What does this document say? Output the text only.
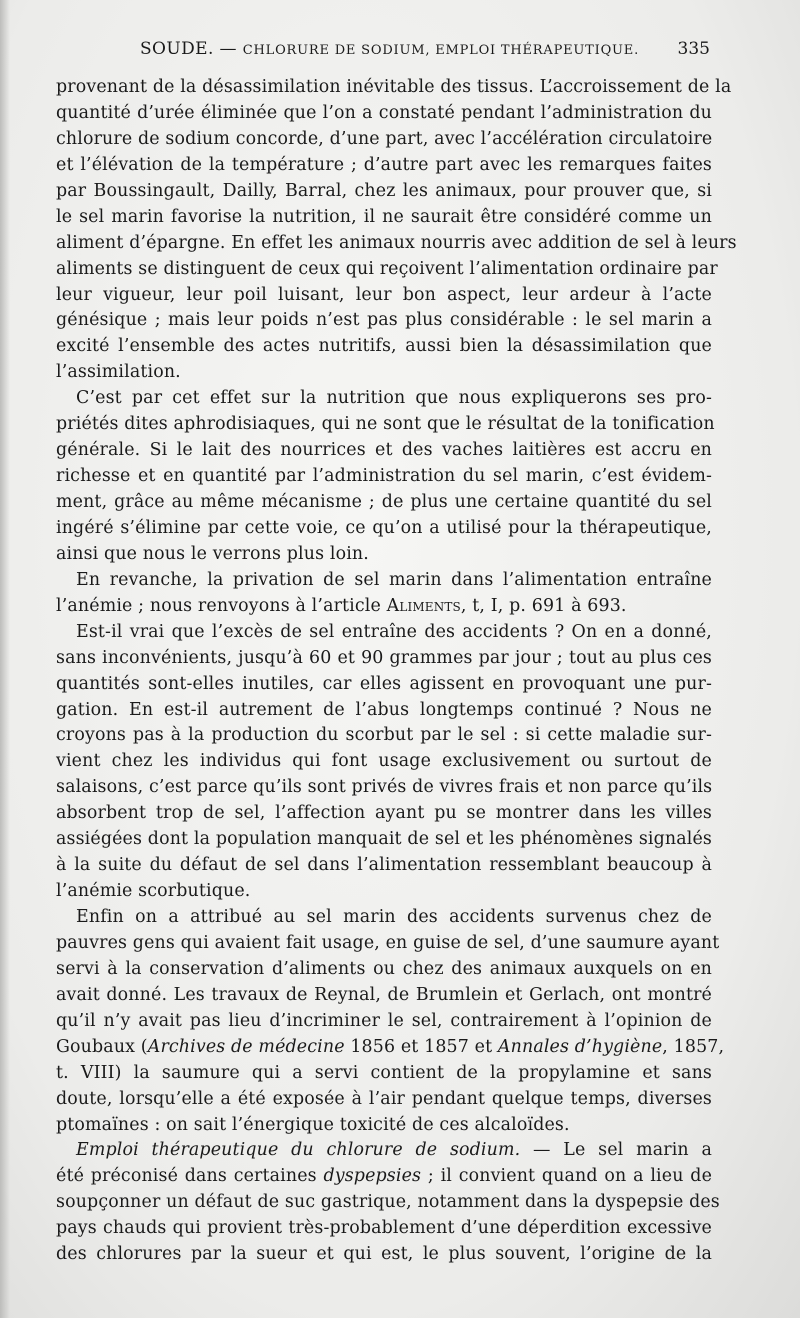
SOUDE. — CHLORURE DE SODIUM, EMPLOI THÉRAPEUTIQUE. 335
provenant de la désassimilation inévitable des tissus. L’accroissement de la
quantité d’urée éliminée que l’on a constaté pendant l’administration du
chlorure de sodium concorde, d’une part, avec l’accélération circulatoire
et l’élévation de la température ; d’autre part avec les remarques faites
par Boussingault, Dailly, Barral, chez les animaux, pour prouver que, si
le sel marin favorise la nutrition, il ne saurait être considéré comme un
aliment d’épargne. En effet les animaux nourris avec addition de sel à leurs
aliments se distinguent de ceux qui reçoivent l’alimentation ordinaire par
leur vigueur, leur poil luisant, leur bon aspect, leur ardeur à l’acte
génésique ; mais leur poids n’est pas plus considérable : le sel marin a
excité l’ensemble des actes nutritifs, aussi bien la désassimilation que
l’assimilation.
C’est par cet effet sur la nutrition que nous expliquerons ses pro-
priétés dites aphrodisiaques, qui ne sont que le résultat de la tonification
générale. Si le lait des nourrices et des vaches laitières est accru en
richesse et en quantité par l’administration du sel marin, c’est évidem-
ment, grâce au même mécanisme ; de plus une certaine quantité du sel
ingéré s’élimine par cette voie, ce qu’on a utilisé pour la thérapeutique,
ainsi que nous le verrons plus loin.
En revanche, la privation de sel marin dans l’alimentation entraîne
l’anémie ; nous renvoyons à l’article Aliments, t, I, p. 691 à 693.
Est-il vrai que l’excès de sel entraîne des accidents ? On en a donné,
sans inconvénients, jusqu’à 60 et 90 grammes par jour ; tout au plus ces
quantités sont-elles inutiles, car elles agissent en provoquant une pur-
gation. En est-il autrement de l’abus longtemps continué ? Nous ne
croyons pas à la production du scorbut par le sel : si cette maladie sur-
vient chez les individus qui font usage exclusivement ou surtout de
salaisons, c’est parce qu’ils sont privés de vivres frais et non parce qu’ils
absorbent trop de sel, l’affection ayant pu se montrer dans les villes
assiégées dont la population manquait de sel et les phénomènes signalés
à la suite du défaut de sel dans l’alimentation ressemblant beaucoup à
l’anémie scorbutique.
Enfin on a attribué au sel marin des accidents survenus chez de
pauvres gens qui avaient fait usage, en guise de sel, d’une saumure ayant
servi à la conservation d’aliments ou chez des animaux auxquels on en
avait donné. Les travaux de Reynal, de Brumlein et Gerlach, ont montré
qu’il n’y avait pas lieu d’incriminer le sel, contrairement à l’opinion de
Goubaux (Archives de médecine 1856 et 1857 et Annales d’hygiène, 1857,
t. VIII) la saumure qui a servi contient de la propylamine et sans
doute, lorsqu’elle a été exposée à l’air pendant quelque temps, diverses
ptomaïnes : on sait l’énergique toxicité de ces alcaloïdes.
Emploi thérapeutique du chlorure de sodium. — Le sel marin a
été préconisé dans certaines dyspepsies ; il convient quand on a lieu de
soupçonner un défaut de suc gastrique, notamment dans la dyspepsie des
pays chauds qui provient très-probablement d’une déperdition excessive
des chlorures par la sueur et qui est, le plus souvent, l’origine de la
